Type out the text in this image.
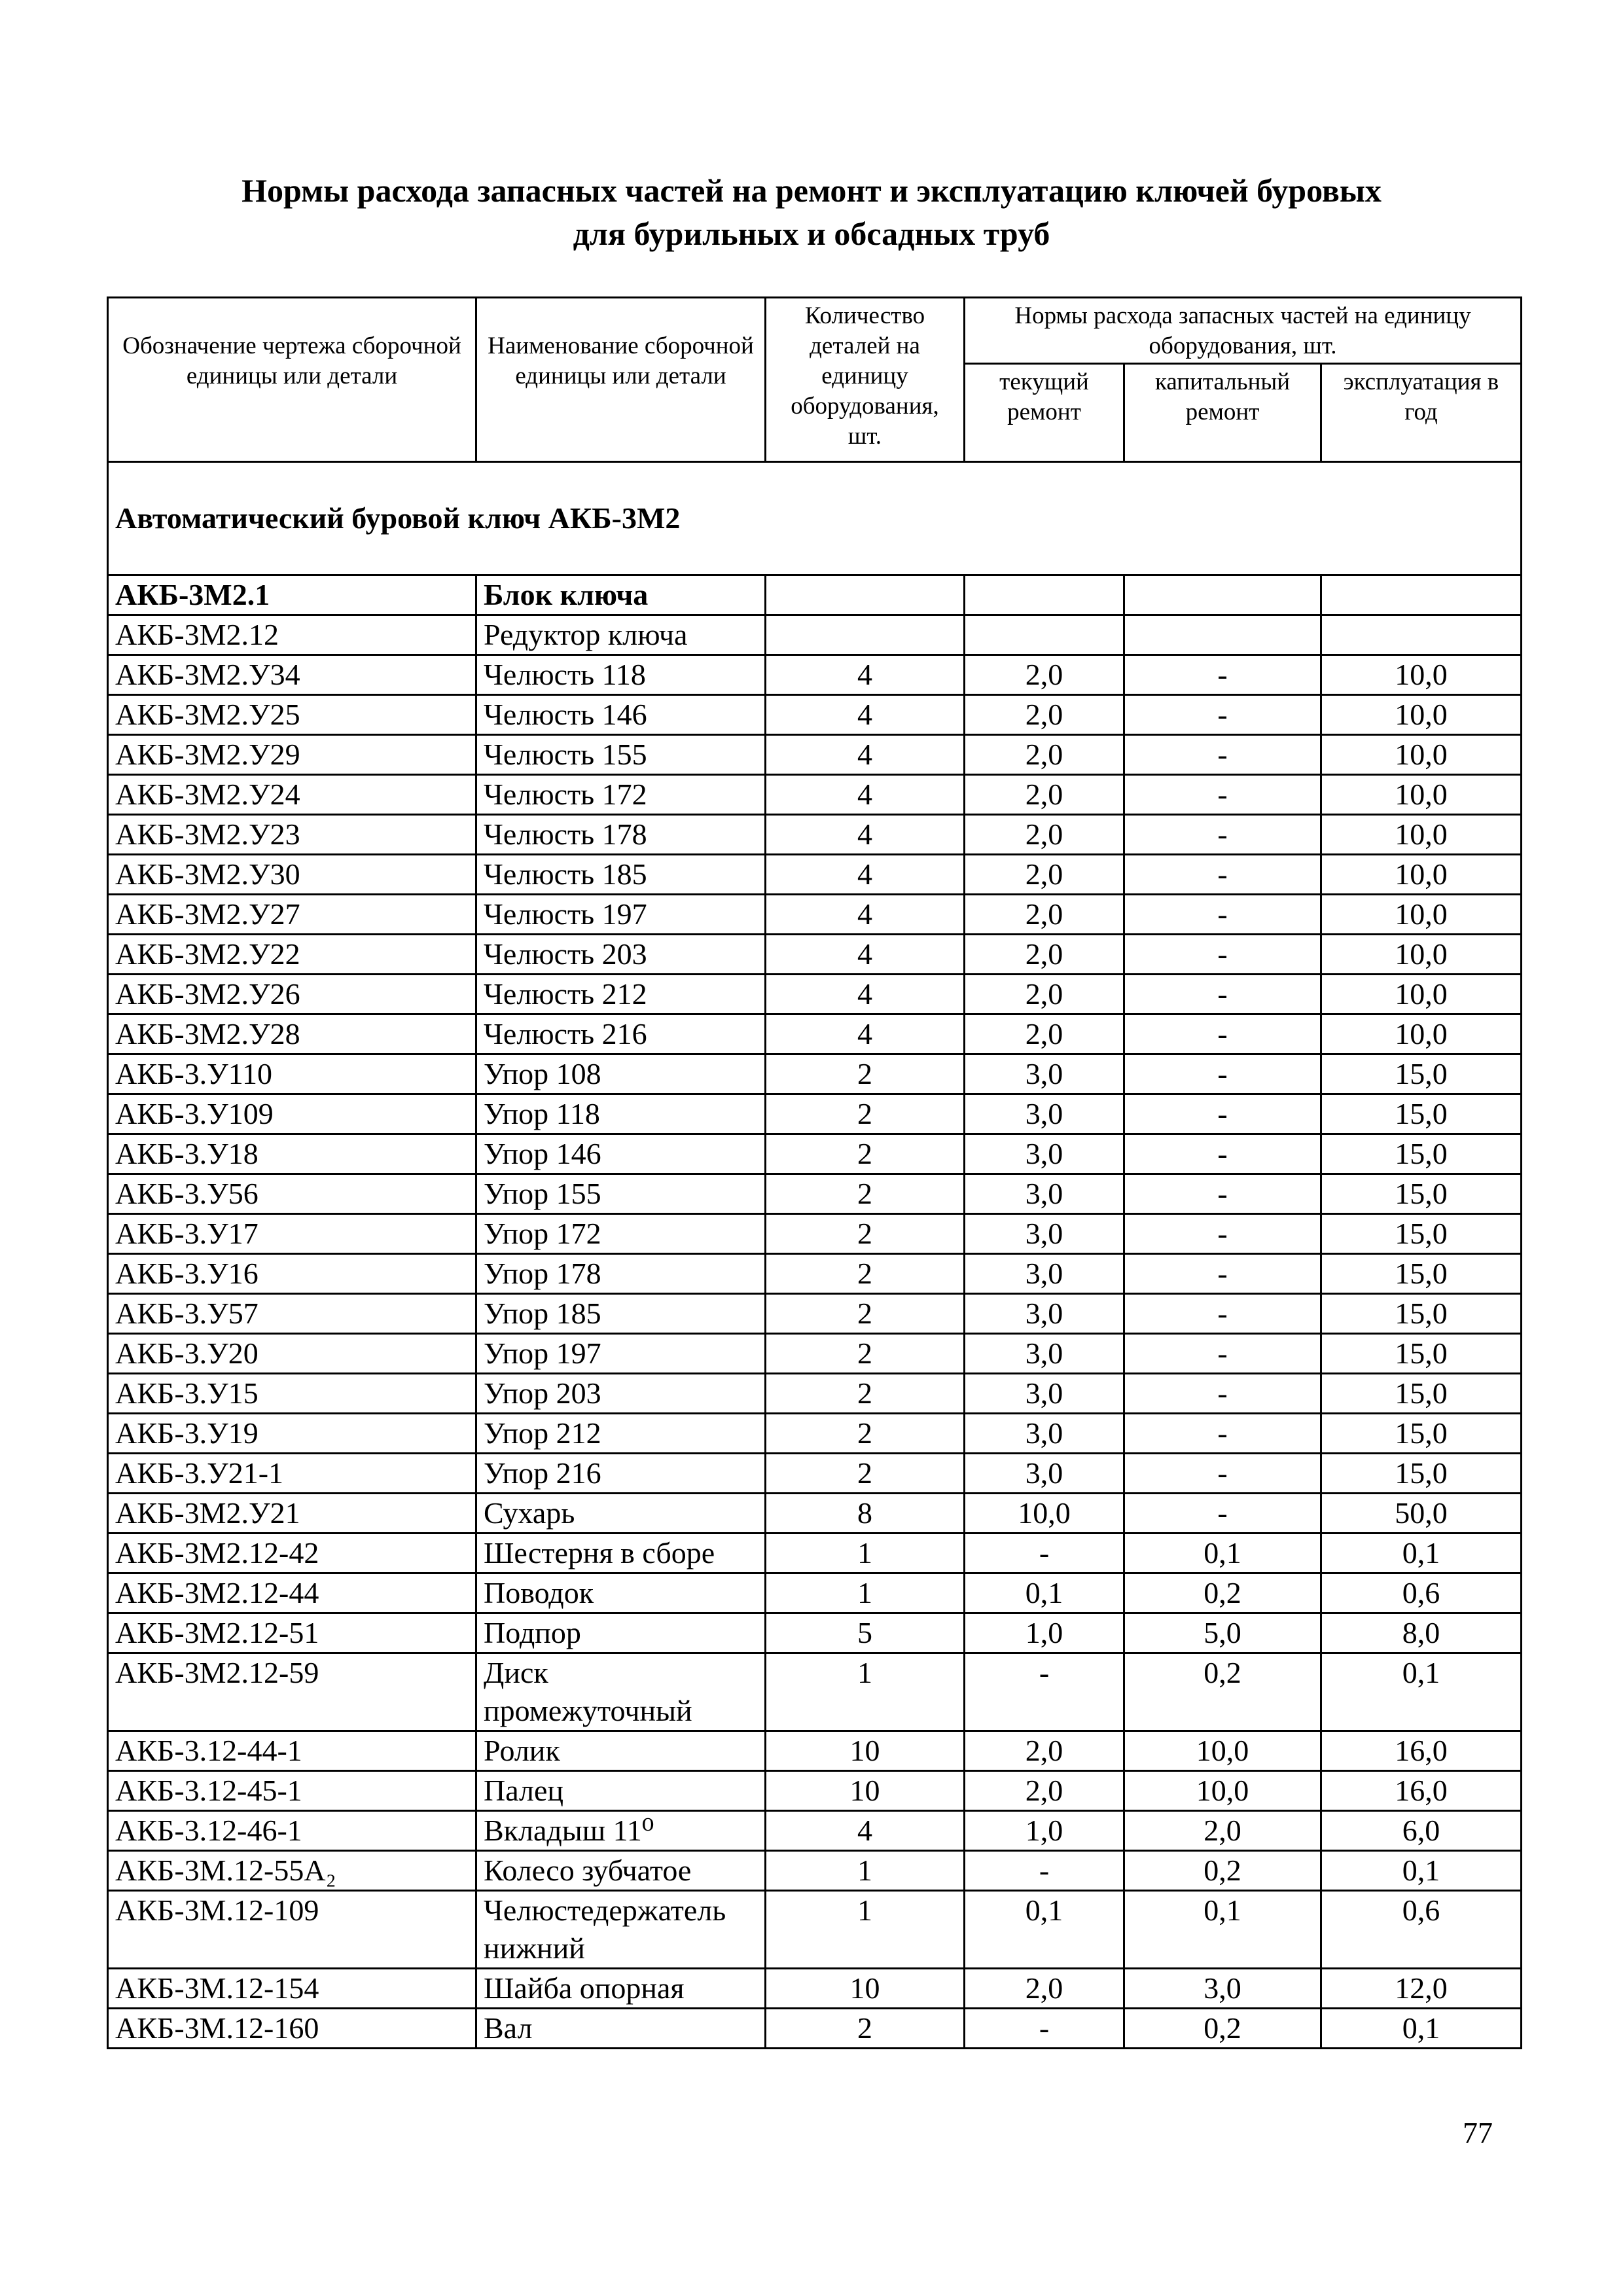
Нормы расхода запасных частей на ремонт и эксплуатацию ключей буровых
для бурильных и обсадных труб
Обозначение чертежа сборочной единицы или детали	Наименование сборочной единицы или детали	Количество деталей на единицу оборудования, шт.	Нормы расхода запасных частей на единицу оборудования, шт.		
			текущий ремонт	капитальный ремонт	эксплуатация в год
Автоматический буровой ключ АКБ-3М2					
АКБ-3М2.1	Блок ключа				
АКБ-3М2.12	Редуктор ключа				
АКБ-3М2.У34	Челюсть 118	4	2,0	-	10,0
АКБ-3М2.У25	Челюсть 146	4	2,0	-	10,0
АКБ-3М2.У29	Челюсть 155	4	2,0	-	10,0
АКБ-3М2.У24	Челюсть 172	4	2,0	-	10,0
АКБ-3М2.У23	Челюсть 178	4	2,0	-	10,0
АКБ-3М2.У30	Челюсть 185	4	2,0	-	10,0
АКБ-3М2.У27	Челюсть 197	4	2,0	-	10,0
АКБ-3М2.У22	Челюсть 203	4	2,0	-	10,0
АКБ-3М2.У26	Челюсть 212	4	2,0	-	10,0
АКБ-3М2.У28	Челюсть 216	4	2,0	-	10,0
АКБ-3.У110	Упор 108	2	3,0	-	15,0
АКБ-3.У109	Упор 118	2	3,0	-	15,0
АКБ-3.У18	Упор 146	2	3,0	-	15,0
АКБ-3.У56	Упор 155	2	3,0	-	15,0
АКБ-3.У17	Упор 172	2	3,0	-	15,0
АКБ-3.У16	Упор 178	2	3,0	-	15,0
АКБ-3.У57	Упор 185	2	3,0	-	15,0
АКБ-3.У20	Упор 197	2	3,0	-	15,0
АКБ-3.У15	Упор 203	2	3,0	-	15,0
АКБ-3.У19	Упор 212	2	3,0	-	15,0
АКБ-3.У21-1	Упор 216	2	3,0	-	15,0
АКБ-3М2.У21	Сухарь	8	10,0	-	50,0
АКБ-3М2.12-42	Шестерня в сборе	1	-	0,1	0,1
АКБ-3М2.12-44	Поводок	1	0,1	0,2	0,6
АКБ-3М2.12-51	Подпор	5	1,0	5,0	8,0
АКБ-3М2.12-59	Диск промежуточный	1	-	0,2	0,1
АКБ-3.12-44-1	Ролик	10	2,0	10,0	16,0
АКБ-3.12-45-1	Палец	10	2,0	10,0	16,0
АКБ-3.12-46-1	Вкладыш 11⁰	4	1,0	2,0	6,0
АКБ-3М.12-55А₂	Колесо зубчатое	1	-	0,2	0,1
АКБ-3М.12-109	Челюстедержатель нижний	1	0,1	0,1	0,6
АКБ-3М.12-154	Шайба опорная	10	2,0	3,0	12,0
АКБ-3М.12-160	Вал	2	-	0,2	0,1
77
